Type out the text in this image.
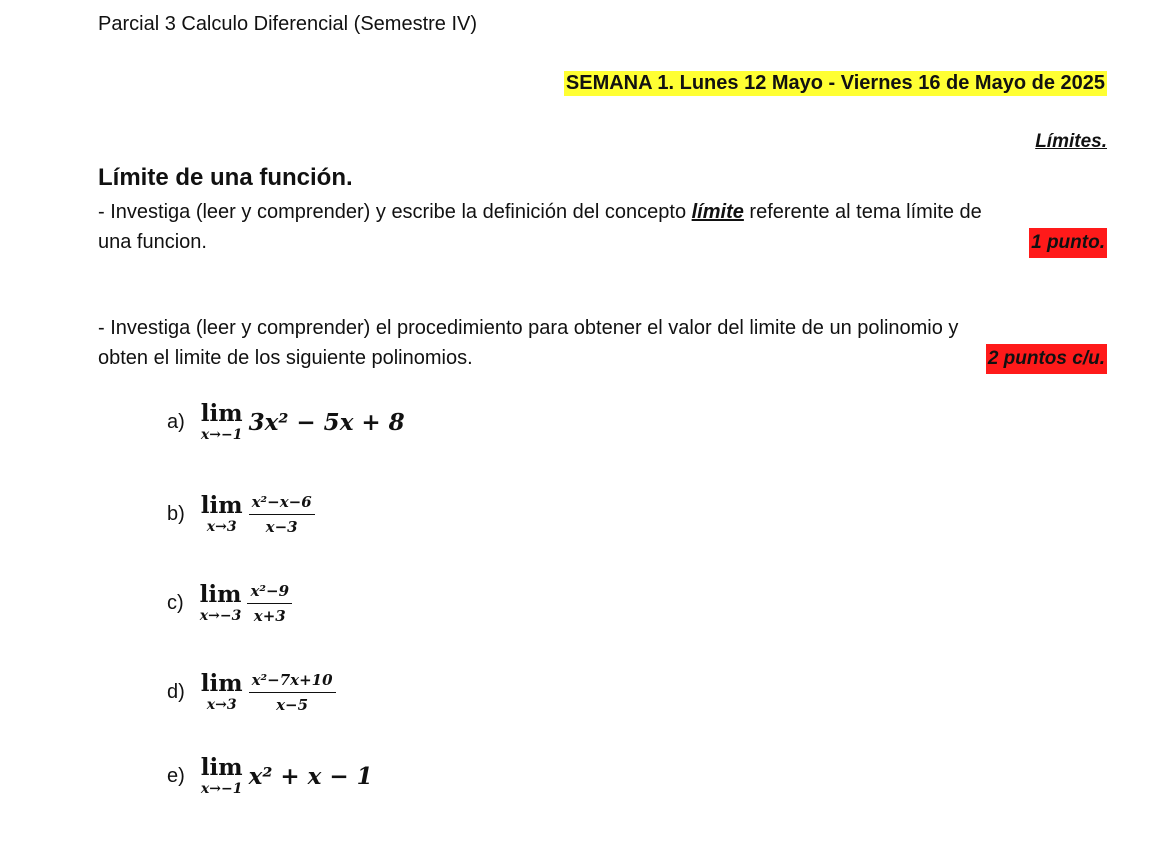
Parcial 3 Calculo Diferencial (Semestre IV)
SEMANA 1. Lunes 12 Mayo - Viernes 16 de Mayo de 2025
Límites.
Límite de una función.
- Investiga (leer y comprender) y escribe la definición del concepto límite referente al tema límite de
una funcion.	1 punto.
- Investiga (leer y comprender) el procedimiento para obtener el valor del limite de un polinomio y
obten el limite de los siguiente polinomios.	2 puntos c/u.
a) lim
x→−1 3x² − 5x + 8
b) lim
$x\to 3 \frac{\text{x²−x−6}}{x-3}$
c) lim
$x\to-3 \frac{\text{x²−9}}{x+3}$
d) lim
$x\to 3 \frac{\text{x²−7x+10}}{x-5}$
e) lim
x→−1 x² + x − 1
